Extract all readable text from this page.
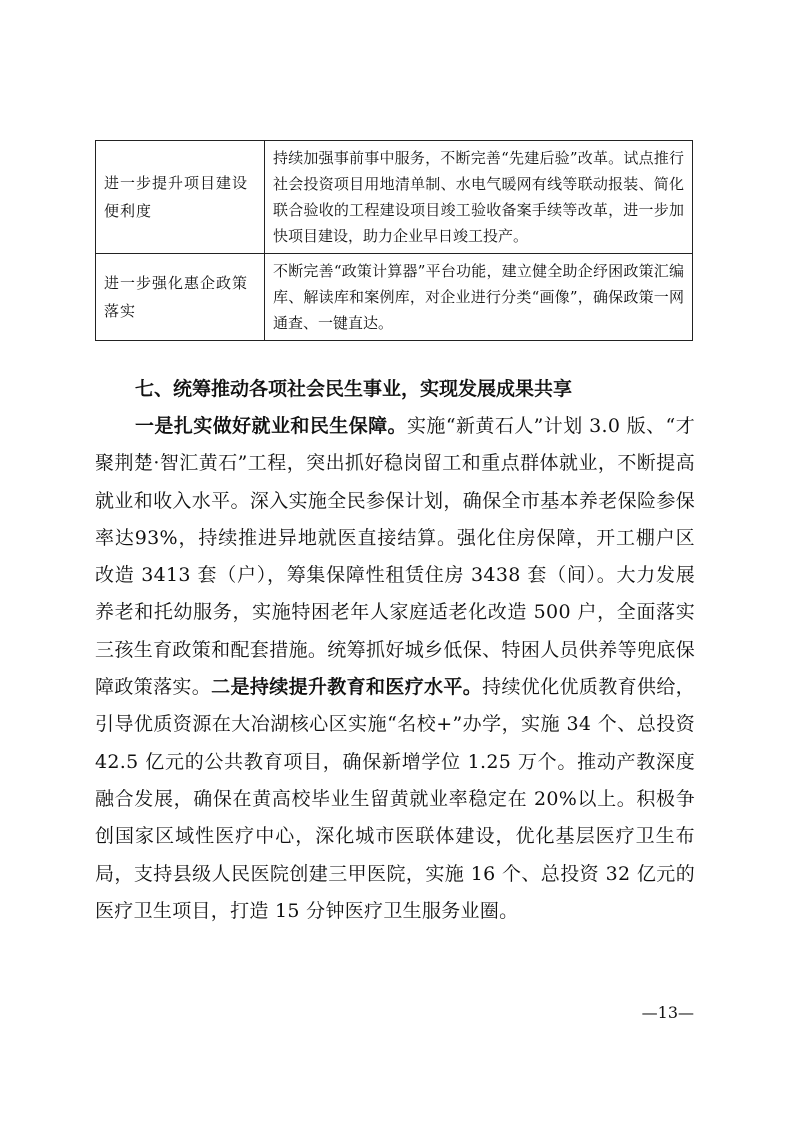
进一步提升项目建设便利度	持续加强事前事中服务，不断完善“先建后验”改革。试点推行社会投资项目用地清单制、水电气暖网有线等联动报装、简化联合验收的工程建设项目竣工验收备案手续等改革，进一步加快项目建设，助力企业早日竣工投产。
进一步强化惠企政策落实	不断完善“政策计算器”平台功能，建立健全助企纾困政策汇编库、解读库和案例库，对企业进行分类“画像”，确保政策一网通查、一键直达。

七、统筹推动各项社会民生事业，实现发展成果共享

一是扎实做好就业和民生保障。实施“新黄石人”计划 3.0 版、“才聚荆楚·智汇黄石”工程，突出抓好稳岗留工和重点群体就业，不断提高就业和收入水平。深入实施全民参保计划，确保全市基本养老保险参保率达93%，持续推进异地就医直接结算。强化住房保障，开工棚户区改造 3413 套（户），筹集保障性租赁住房 3438 套（间）。大力发展养老和托幼服务，实施特困老年人家庭适老化改造 500 户，全面落实三孩生育政策和配套措施。统筹抓好城乡低保、特困人员供养等兜底保障政策落实。二是持续提升教育和医疗水平。持续优化优质教育供给，引导优质资源在大冶湖核心区实施“名校+”办学，实施 34 个、总投资 42.5 亿元的公共教育项目，确保新增学位 1.25 万个。推动产教深度融合发展，确保在黄高校毕业生留黄就业率稳定在 20%以上。积极争创国家区域性医疗中心，深化城市医联体建设，优化基层医疗卫生布局，支持县级人民医院创建三甲医院，实施 16 个、总投资 32 亿元的医疗卫生项目，打造 15 分钟医疗卫生服务业圈。

—13—
